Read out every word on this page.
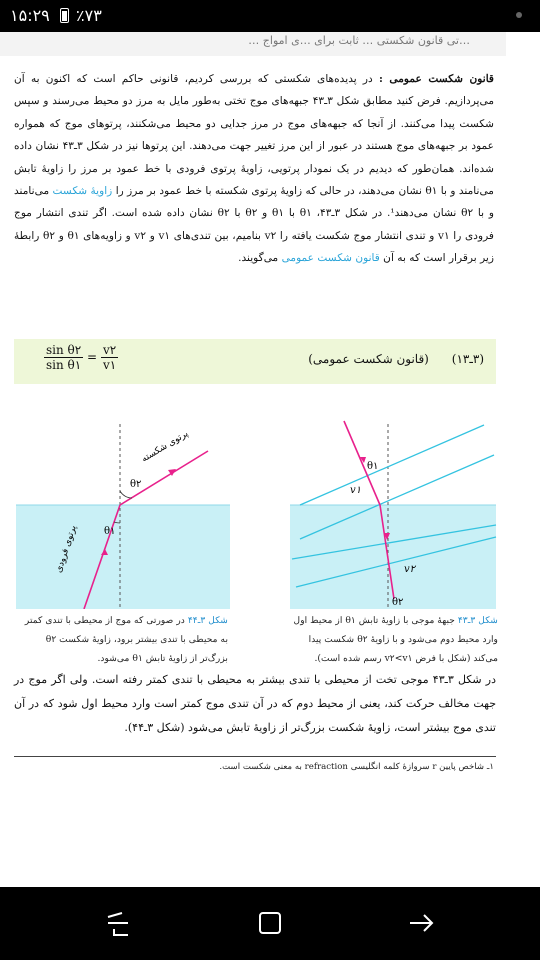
۱۵:۲۹ ٪۷۳
…تی قانون شکستی … ثابت برای …‌ی امواج …
قانون شکست عمومی : در پدیده‌های شکستی که بررسی کردیم، قانونی حاکم است که اکنون به آن می‌پردازیم. فرض کنید مطابق شکل ۳ـ۴۳ جبهه‌های موج تختی به‌طور مایل به مرز دو محیط می‌رسند و سپس شکست پیدا می‌کنند. از آنجا که جبهه‌های موج در مرز جدایی دو محیط می‌شکنند، پرتوهای موج که همواره عمود بر جبهه‌های موج هستند در عبور از این مرز تغییر جهت می‌دهند. این پرتوها نیز در شکل ۳ـ۴۳ نشان داده شده‌اند. همان‌طور که دیدیم در یک نمودار پرتویی، زاویهٔ پرتوی فرودی با خط عمود بر مرز را زاویهٔ تابش می‌نامند و با θ۱ نشان می‌دهند، در حالی که زاویهٔ پرتوی شکسته با خط عمود بر مرز را زاویهٔ شکست می‌نامند و با θ۲ نشان می‌دهند¹. در شکل ۳ـ۴۳، θ۱ با θ۱ و θ۲ با θ۲ نشان داده شده است. اگر تندی انتشار موج فرودی را v۱ و تندی انتشار موج شکست یافته را v۲ بنامیم، بین تندی‌های v۱ و v۲ و زاویه‌های θ۱ و θ۲ رابطهٔ زیر برقرار است که به آن قانون شکست عمومی می‌گویند.
$\frac{\text{sin θ۲}}{\text{sin θ۱}} = \frac{v۲}{v۱}$	(۳ـ۱۳)      (قانون شکست عمومی)
θ۲
θ۱
پرتوی شکسته
پرتوی فرودی
θ۱
v۱
v۲
θ۲
شکل ۳ـ۴۴ در صورتی که موج از محیطی با تندی کمتر به محیطی با تندی بیشتر برود، زاویهٔ شکست θ۲ بزرگ‌تر از زاویهٔ تابش θ۱ می‌شود.
شکل ۳ـ۴۳ جبههٔ موجی با زاویهٔ تابش θ۱ از محیط اول وارد محیط دوم می‌شود و با زاویهٔ θ۲ شکست پیدا می‌کند (شکل با فرض v۲<v۱ رسم شده است).
در شکل ۳ـ۴۳ موجی تخت از محیطی با تندی بیشتر به محیطی با تندی کمتر رفته است. ولی اگر موج در جهت مخالف حرکت کند، یعنی از محیط دوم که در آن تندی موج کمتر است وارد محیط اول شود که در آن تندی موج بیشتر است، زاویهٔ شکست بزرگ‌تر از زاویهٔ تابش می‌شود (شکل ۳ـ۴۴).
۱ـ شاخص پایین r سروازهٔ کلمه انگلیسی refraction به معنی شکست است.
